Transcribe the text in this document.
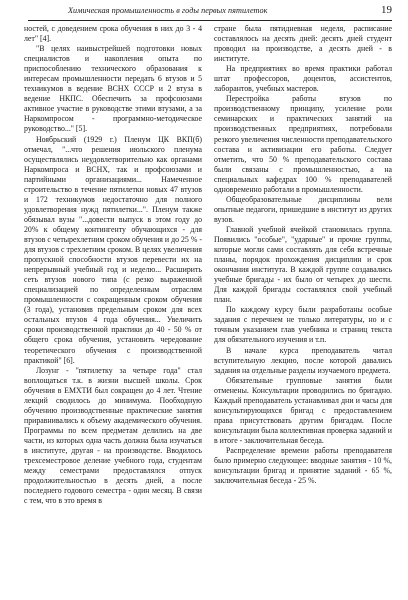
Химическая промышленность в годы первых пятилеток	19

ностей, с доведением срока обучения в них до 3 - 4 лет" [4].

"В целях наивыстрейшей подготовки новых специалистов и накопления опыта по приспособлению технического образования к интересам промышленности передать 6 втузов и 5 техникумов в ведение ВСНХ СССР и 2 втуза в ведение НКПС. Обеспечить за профсоюзами активное участие в руководстве этими втузами, а за Наркомпросом - программно-методическое руководство..." [5].

Ноябрьский (1929 г.) Пленум ЦК ВКП(б) отмечал, "...что решения июльского пленума осуществлялись неудовлетворительно как органами Наркомпроса и ВСНХ, так и профсоюзами и партийными организациями... Намеченное строительство в течение пятилетки новых 47 втузов и 172 техникумов недостаточно для полного удовлетворения нужд пятилетки...". Пленум также обязывал вузы "...довести выпуск в этом году до 20% к общему контингенту обучающихся - для втузов с четырехлетним сроком обучения и до 25 % - для втузов с трехлетним сроком. В целях увеличения пропускной способности втузов перевести их на непрерывный учебный год и неделю... Расширить сеть втузов нового типа (с резко выраженной специализацией по определенным отраслям промышленности с сокращенным сроком обучения (3 года), установив предельным сроком для всех остальных втузов 4 года обучения... Увеличить сроки производственной практики до 40 - 50 % от общего срока обучения, установить чередование теоретического обучения с производственной практикой" [6].

Лозунг - "пятилетку за четыре года" стал воплощаться т.к. в жизни высшей школы. Срок обучения в ЕМХТИ был сокращен до 4 лет. Чтение лекций сводилось до минимума. Пообходную обучению производственные практические занятия приравнивались к объему академического обучения. Программы по всем предметам делились на две части, из которых одна часть должна была изучаться в институте, другая - на производстве. Вводилось трехсеместровое деление учебного года, студентам между семестрами предоставлялся отпуск продолжительностью в десять дней, а после последнего годового семестра - один месяц. В связи с тем, что в это время в

стране была пятидневная неделя, расписание составлялось на десять дней: десять дней студент проводил на производстве, а десять дней - в институте.

На предприятиях во время практики работал штат профессоров, доцентов, ассистентов, лаборантов, учебных мастеров.

Перестройка работы втузов по производственному принципу, усиление роли семинарских и практических занятий на производственных предприятиях, потребовали резкого увеличения численности преподавательского состава и активизации его работы. Следует отметить, что 50 % преподавательского состава были связаны с промышленностью, а на специальных кафедрах 100 % преподавателей одновременно работали в промышленности.

Общеобразовательные дисциплины вели опытные педагоги, пришедшие в институт из других вузов.

Главной учебной ячейкой становилась группа. Появились "особые", "ударные" и прочие группы, которые могли сами составлять для себя встречные планы, порядок прохождения дисциплин и срок окончания института. В каждой группе создавались учебные бригады - их было от четырех до шести. Для каждой бригады составлялся свой учебный план.

По каждому курсу были разработаны особые задания с перечнем не только литературы, но и с точным указанием глав учебника и страниц текста для обязательного изучения и т.п.

В начале курса преподаватель читал вступительную лекцию, после которой давались задания на отдельные разделы изучаемого предмета.

Обязательные групповые занятия были отменены. Консультации проводились по бригадно. Каждый преподаватель устанавливал дни и часы для консультирующихся бригад с предоставлением права присутствовать другим бригадам. После консультации была коллективная проверка заданий и в итоге - заключительная беседа.

Распределение времени работы преподавателя было примерно следующее: вводные занятия - 10 %, консультации бригад и принятие заданий - 65 %, заключительная беседа - 25 %.
